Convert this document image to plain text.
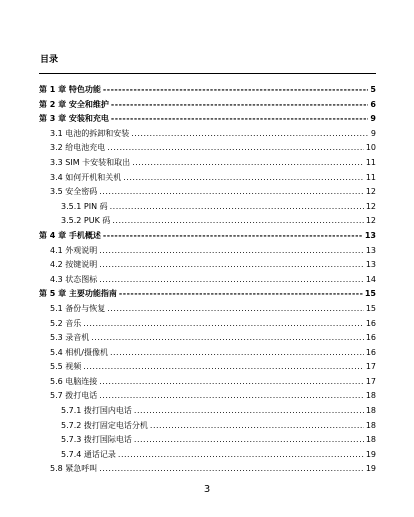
目录
第 1 章 特色功能 -----	5
第 2 章 安全和维护 -----	6
第 3 章 安装和充电 -----	9
3.1 电池的拆卸和安装 .....	9
3.2 给电池充电 .....	10
3.3 SIM 卡安装和取出 .....	11
3.4 如何开机和关机 .....	11
3.5 安全密码 .....	12
3.5.1 PIN 码 .....	12
3.5.2 PUK 码 .....	12
第 4 章 手机概述 -----	13
4.1 外观说明 .....	13
4.2 按键说明 .....	13
4.3 状态图标 .....	14
第 5 章 主要功能指南 -----	15
5.1 备份与恢复 .....	15
5.2 音乐 .....	16
5.3 录音机 .....	16
5.4 相机/摄像机 .....	16
5.5 视频 .....	17
5.6 电脑连接 .....	17
5.7 拨打电话 .....	18
5.7.1 拨打国内电话 .....	18
5.7.2 拨打固定电话分机 .....	18
5.7.3 拨打国际电话 .....	18
5.7.4 通话记录 .....	19
5.8 紧急呼叫 .....	19
3
